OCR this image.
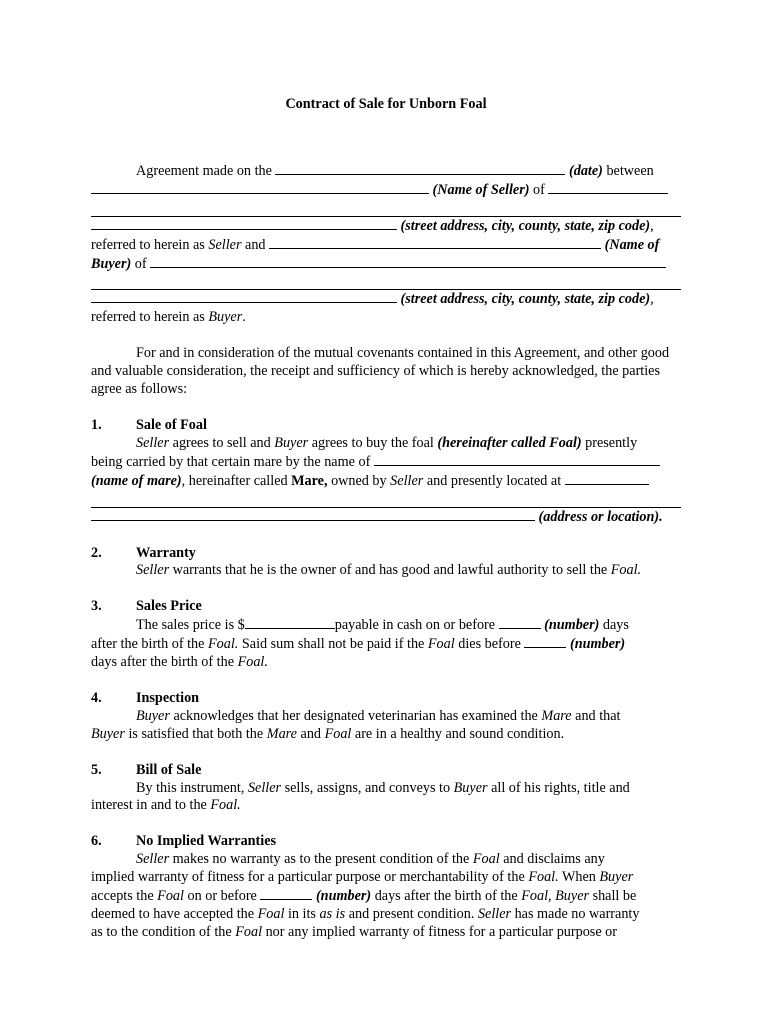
Contract of Sale for Unborn Foal

Agreement made on the	(date) between

(Name of Seller) of

(street address, city, county, state, zip code),

referred to herein as Seller and	(Name of

Buyer) of

(street address, city, county, state, zip code),

referred to herein as Buyer.

For and in consideration of the mutual covenants contained in this Agreement, and other good and valuable consideration, the receipt and sufficiency of which is hereby acknowledged, the parties agree as follows:

1. Sale of Foal

Seller agrees to sell and Buyer agrees to buy the foal (hereinafter called Foal) presently

being carried by that certain mare by the name of

(name of mare), hereinafter called Mare, owned by Seller and presently located at

(address or location).

2. Warranty

Seller warrants that he is the owner of and has good and lawful authority to sell the Foal.

3. Sales Price

The sales price is $	payable in cash on or before	(number) days

after the birth of the Foal. Said sum shall not be paid if the Foal dies before	(number)

days after the birth of the Foal.

4. Inspection

Buyer acknowledges that her designated veterinarian has examined the Mare and that

Buyer is satisfied that both the Mare and Foal are in a healthy and sound condition.

5. Bill of Sale

By this instrument, Seller sells, assigns, and conveys to Buyer all of his rights, title and

interest in and to the Foal.

6. No Implied Warranties

Seller makes no warranty as to the present condition of the Foal and disclaims any

implied warranty of fitness for a particular purpose or merchantability of the Foal. When Buyer

accepts the Foal on or before	(number) days after the birth of the Foal, Buyer shall be

deemed to have accepted the Foal in its as is and present condition. Seller has made no warranty

as to the condition of the Foal nor any implied warranty of fitness for a particular purpose or
